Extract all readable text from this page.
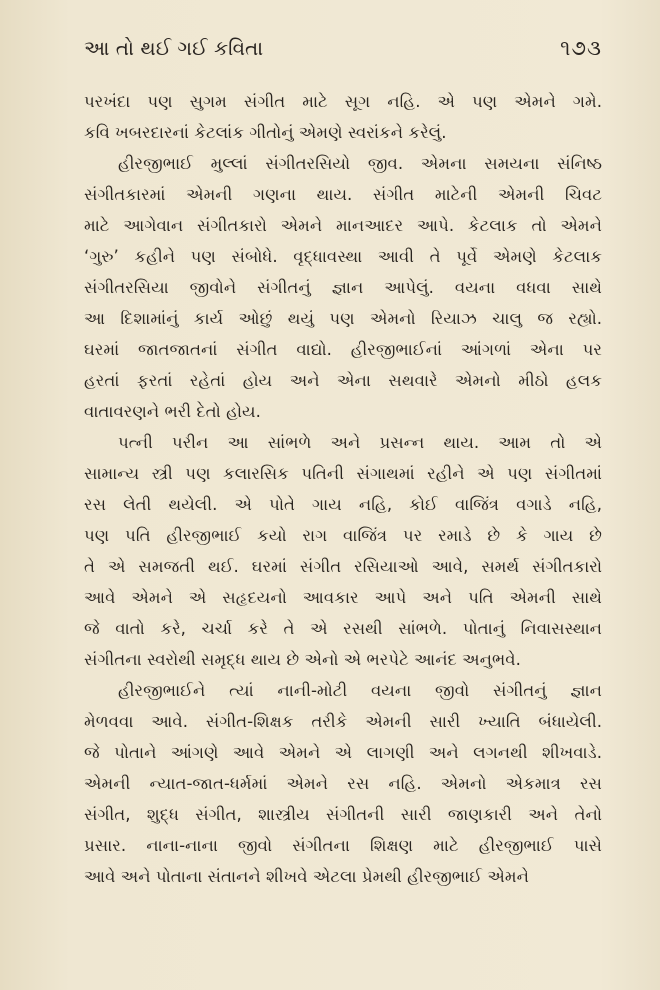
આ તો થઈ ગઈ કવિતા	૧૭૩

પરખંદા પણ સુગમ સંગીત માટે સૂગ નહિ. એ પણ એમને ગમે.
કવિ ખબરદારનાં કેટલાંક ગીતોનું એમણે સ્વરાંકને કરેલું.

હીરજીભાઈ મુલ્લાં સંગીતરસિયો જીવ. એમના સમયના સંનિષ્ઠ
સંગીતકારમાં એમની ગણના થાય. સંગીત માટેની એમની ચિવટ
માટે આગેવાન સંગીતકારો એમને માનઆદર આપે. કેટલાક તો એમને
‘ગુરુ’ કહીને પણ સંબોધે. વૃદ્ધાવસ્થા આવી તે પૂર્વે એમણે કેટલાક
સંગીતરસિયા જીવોને સંગીતનું જ્ઞાન આપેલું. વયના વધવા સાથે
આ દિશામાંનું કાર્ય ઓછું થયું પણ એમનો રિયાઝ ચાલુ જ રહ્યો.
ઘરમાં જાતજાતનાં સંગીત વાદ્યો. હીરજીભાઈનાં આંગળાં એના પર
હરતાં ફરતાં રહેતાં હોય અને એના સથવારે એમનો મીઠો હલક
વાતાવરણને ભરી દેતો હોય.

પત્ની પરીન આ સાંભળે અને પ્રસન્ન થાય. આમ તો એ
સામાન્ય સ્ત્રી પણ કલારસિક પતિની સંગાથમાં રહીને એ પણ સંગીતમાં
રસ લેતી થયેલી. એ પોતે ગાય નહિ, કોઈ વાજિંત્ર વગાડે નહિ,
પણ પતિ હીરજીભાઈ કયો રાગ વાજિંત્ર પર રમાડે છે કે ગાય છે
તે એ સમજતી થઈ. ઘરમાં સંગીત રસિયાઓ આવે, સમર્થ સંગીતકારો
આવે એમને એ સહૃદયનો આવકાર આપે અને પતિ એમની સાથે
જે વાતો કરે, ચર્ચા કરે તે એ રસથી સાંભળે. પોતાનું નિવાસસ્થાન
સંગીતના સ્વરોથી સમૃદ્ધ થાય છે એનો એ ભરપેટે આનંદ અનુભવે.

હીરજીભાઈને ત્યાં નાની-મોટી વયના જીવો સંગીતનું જ્ઞાન
મેળવવા આવે. સંગીત-શિક્ષક તરીકે એમની સારી ખ્યાતિ બંધાયેલી.
જે પોતાને આંગણે આવે એમને એ લાગણી અને લગનથી શીખવાડે.
એમની ન્યાત-જાત-ધર્મમાં એમને રસ નહિ. એમનો એકમાત્ર રસ
સંગીત, શુદ્ધ સંગીત, શાસ્ત્રીય સંગીતની સારી જાણકારી અને તેનો
પ્રસાર. નાના-નાના જીવો સંગીતના શિક્ષણ માટે હીરજીભાઈ પાસે
આવે અને પોતાના સંતાનને શીખવે એટલા પ્રેમથી હીરજીભાઈ એમને
